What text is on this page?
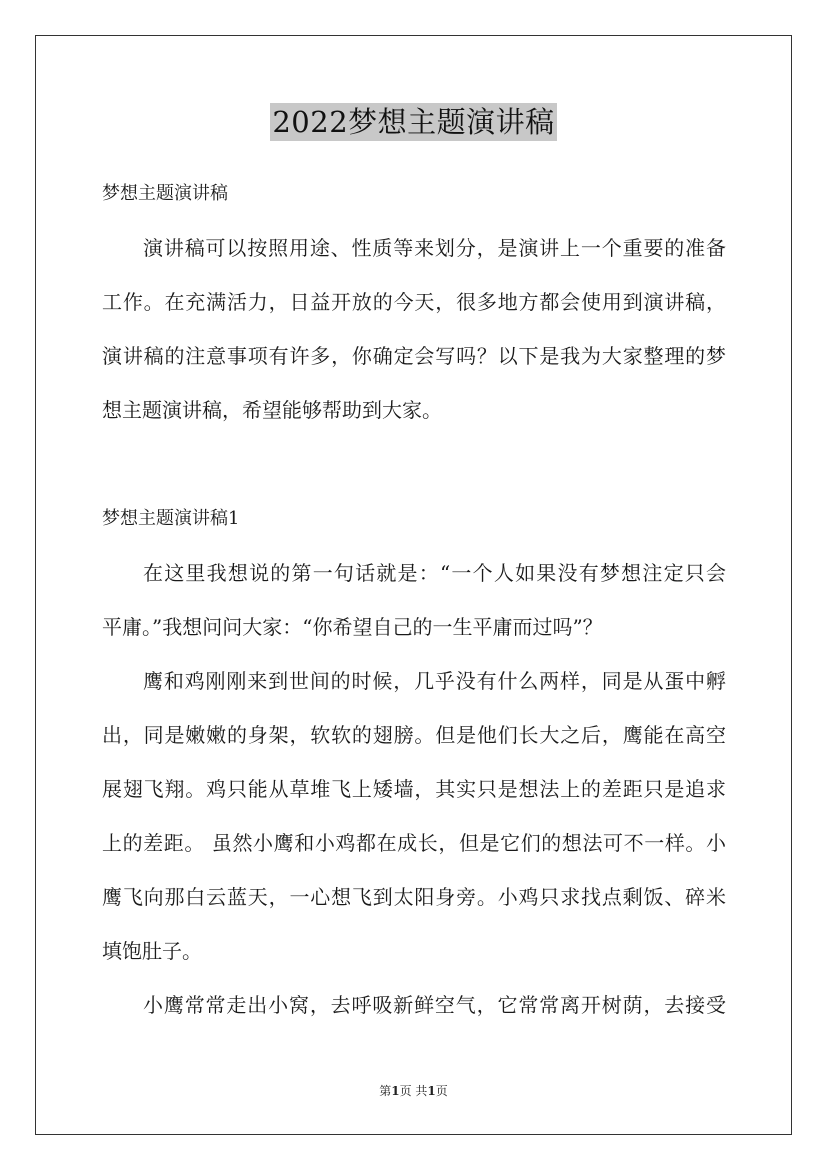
2022梦想主题演讲稿
梦想主题演讲稿
演讲稿可以按照用途、性质等来划分，是演讲上一个重要的准备
工作。在充满活力，日益开放的今天，很多地方都会使用到演讲稿，
演讲稿的注意事项有许多，你确定会写吗？以下是我为大家整理的梦
想主题演讲稿，希望能够帮助到大家。
梦想主题演讲稿1
在这里我想说的第一句话就是：“一个人如果没有梦想注定只会
平庸。”我想问问大家：“你希望自己的一生平庸而过吗”？
鹰和鸡刚刚来到世间的时候，几乎没有什么两样，同是从蛋中孵
出，同是嫩嫩的身架，软软的翅膀。但是他们长大之后，鹰能在高空
展翅飞翔。鸡只能从草堆飞上矮墙，其实只是想法上的差距只是追求
上的差距。 虽然小鹰和小鸡都在成长，但是它们的想法可不一样。小
鹰飞向那白云蓝天，一心想飞到太阳身旁。小鸡只求找点剩饭、碎米
填饱肚子。
小鹰常常走出小窝，去呼吸新鲜空气，它常常离开树荫，去接受
第1页 共1页
